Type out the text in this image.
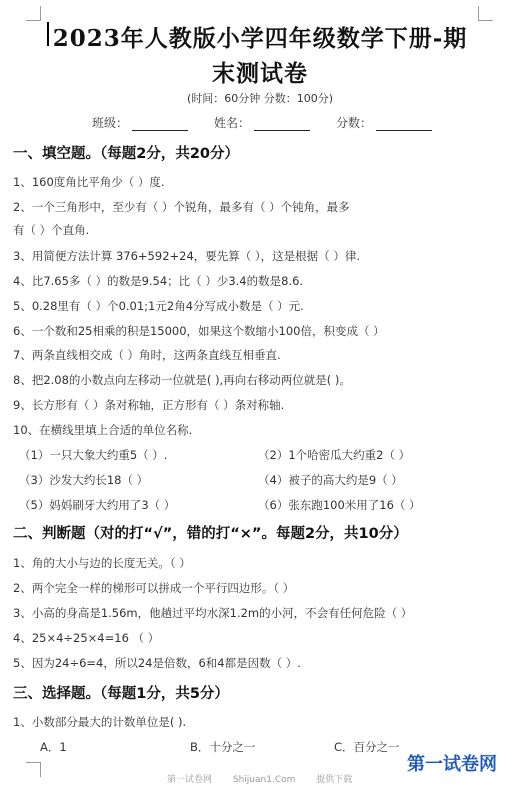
2023年人教版小学四年级数学下册-期
末测试卷
(时间：60分钟 分数：100分)
班级：	姓名：	分数：
一、填空题。（每题2分，共20分）
1、160度角比平角少（ ）度.
2、一个三角形中，至少有（ ）个锐角，最多有（ ）个钝角，最多
有（ ）个直角.
3、用简便方法计算 376+592+24，要先算（ ），这是根据（ ）律.
4、比7.65多（ ）的数是9.54；比（ ）少3.4的数是8.6.
5、0.28里有（ ）个0.01;1元2角4分写成小数是（ ）元.
6、一个数和25相乘的积是15000，如果这个数缩小100倍，积变成（ ）
7、两条直线相交成（ ）角时，这两条直线互相垂直.
8、把2.08的小数点向左移动一位就是( ),再向右移动两位就是( )。
9、长方形有（ ）条对称轴，正方形有（ ）条对称轴.
10、在横线里填上合适的单位名称.
（1）一只大象大约重5（ ）.	（2）1个哈密瓜大约重2（ ）
（3）沙发大约长18（ ）	（4）被子的高大约是9（ ）
（5）妈妈刷牙大约用了3（ ）	（6）张东跑100米用了16（ ）
二、判断题（对的打“√”，错的打“×”。每题2分，共10分）
1、角的大小与边的长度无关。（ ）
2、两个完全一样的梯形可以拼成一个平行四边形。（ ）
3、小高的身高是1.56m，他趟过平均水深1.2m的小河，不会有任何危险（ ）
4、25×4÷25×4=16 （ ）
5、因为24÷6=4，所以24是倍数，6和4都是因数（ ）.
三、选择题。（每题1分，共5分）
1、小数部分最大的计数单位是( ).
A．1	B．十分之一	C．百分之一
第一试卷网 Shijuan1.Com 提供下载
第一试卷网
